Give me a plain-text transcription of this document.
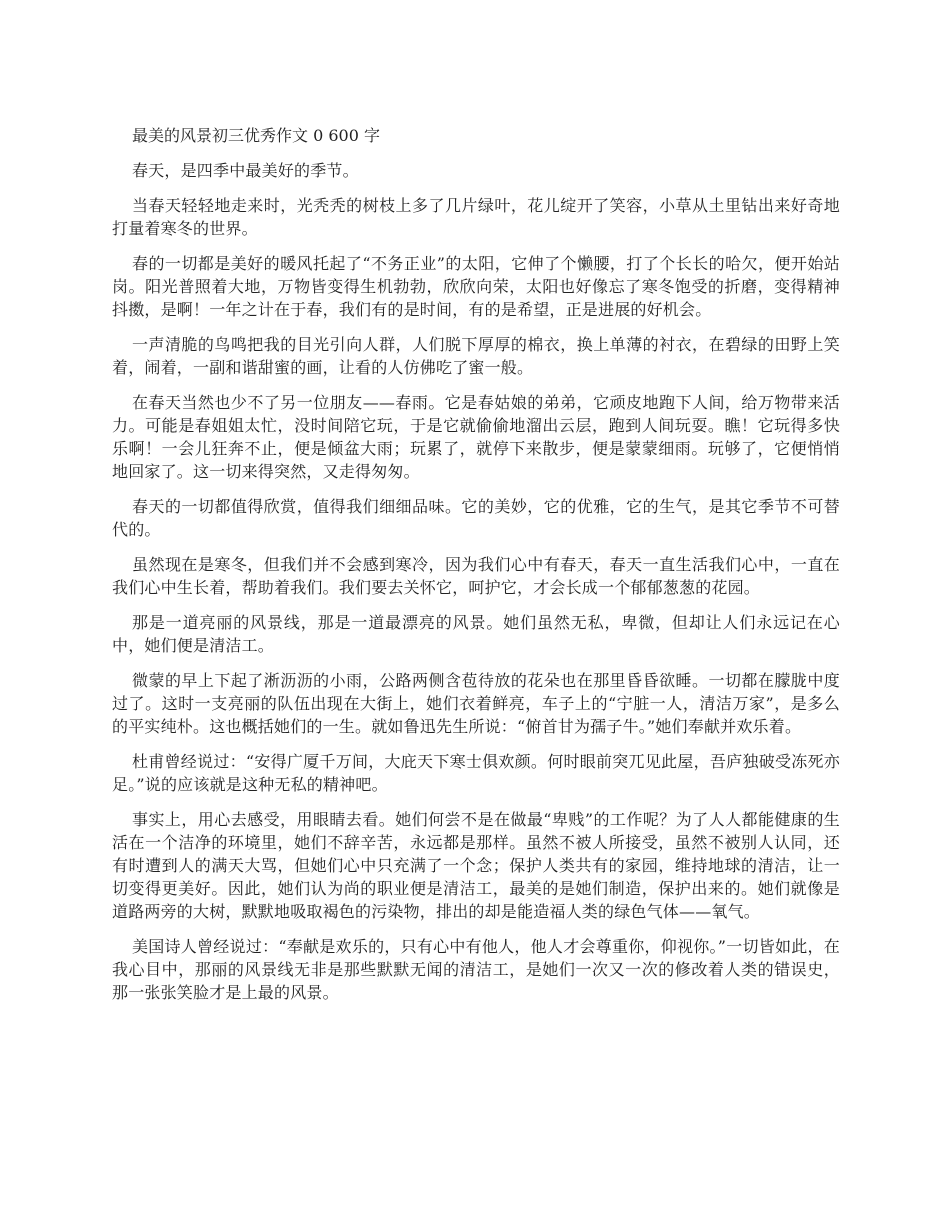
最美的风景初三优秀作文 0 600 字

春天，是四季中最美好的季节。

当春天轻轻地走来时，光秃秃的树枝上多了几片绿叶，花儿绽开了笑容，小草从土里钻出来好奇地打量着寒冬的世界。

春的一切都是美好的暖风托起了“不务正业”的太阳，它伸了个懒腰，打了个长长的哈欠，便开始站岗。阳光普照着大地，万物皆变得生机勃勃，欣欣向荣，太阳也好像忘了寒冬饱受的折磨，变得精神抖擞，是啊！一年之计在于春，我们有的是时间，有的是希望，正是进展的好机会。

一声清脆的鸟鸣把我的目光引向人群，人们脱下厚厚的棉衣，换上单薄的衬衣，在碧绿的田野上笑着，闹着，一副和谐甜蜜的画，让看的人仿佛吃了蜜一般。

在春天当然也少不了另一位朋友——春雨。它是春姑娘的弟弟，它顽皮地跑下人间，给万物带来活力。可能是春姐姐太忙，没时间陪它玩，于是它就偷偷地溜出云层，跑到人间玩耍。瞧！它玩得多快乐啊！一会儿狂奔不止，便是倾盆大雨；玩累了，就停下来散步，便是蒙蒙细雨。玩够了，它便悄悄地回家了。这一切来得突然，又走得匆匆。

春天的一切都值得欣赏，值得我们细细品味。它的美妙，它的优雅，它的生气，是其它季节不可替代的。

虽然现在是寒冬，但我们并不会感到寒冷，因为我们心中有春天，春天一直生活我们心中，一直在我们心中生长着，帮助着我们。我们要去关怀它，呵护它，才会长成一个郁郁葱葱的花园。

那是一道亮丽的风景线，那是一道最漂亮的风景。她们虽然无私，卑微，但却让人们永远记在心中，她们便是清洁工。

微蒙的早上下起了淅沥沥的小雨，公路两侧含苞待放的花朵也在那里昏昏欲睡。一切都在朦胧中度过了。这时一支亮丽的队伍出现在大街上，她们衣着鲜亮，车子上的“宁脏一人，清洁万家”，是多么的平实纯朴。这也概括她们的一生。就如鲁迅先生所说：“俯首甘为孺子牛。”她们奉献并欢乐着。

杜甫曾经说过：“安得广厦千万间，大庇天下寒士俱欢颜。何时眼前突兀见此屋，吾庐独破受冻死亦足。”说的应该就是这种无私的精神吧。

事实上，用心去感受，用眼睛去看。她们何尝不是在做最“卑贱”的工作呢？为了人人都能健康的生活在一个洁净的环境里，她们不辞辛苦，永远都是那样。虽然不被人所接受，虽然不被别人认同，还有时遭到人的满天大骂，但她们心中只充满了一个念；保护人类共有的家园，维持地球的清洁，让一切变得更美好。因此，她们认为尚的职业便是清洁工，最美的是她们制造，保护出来的。她们就像是道路两旁的大树，默默地吸取褐色的污染物，排出的却是能造福人类的绿色气体——氧气。

美国诗人曾经说过：“奉献是欢乐的，只有心中有他人，他人才会尊重你，仰视你。”一切皆如此，在我心目中，那丽的风景线无非是那些默默无闻的清洁工，是她们一次又一次的修改着人类的错误史，那一张张笑脸才是上最的风景。
